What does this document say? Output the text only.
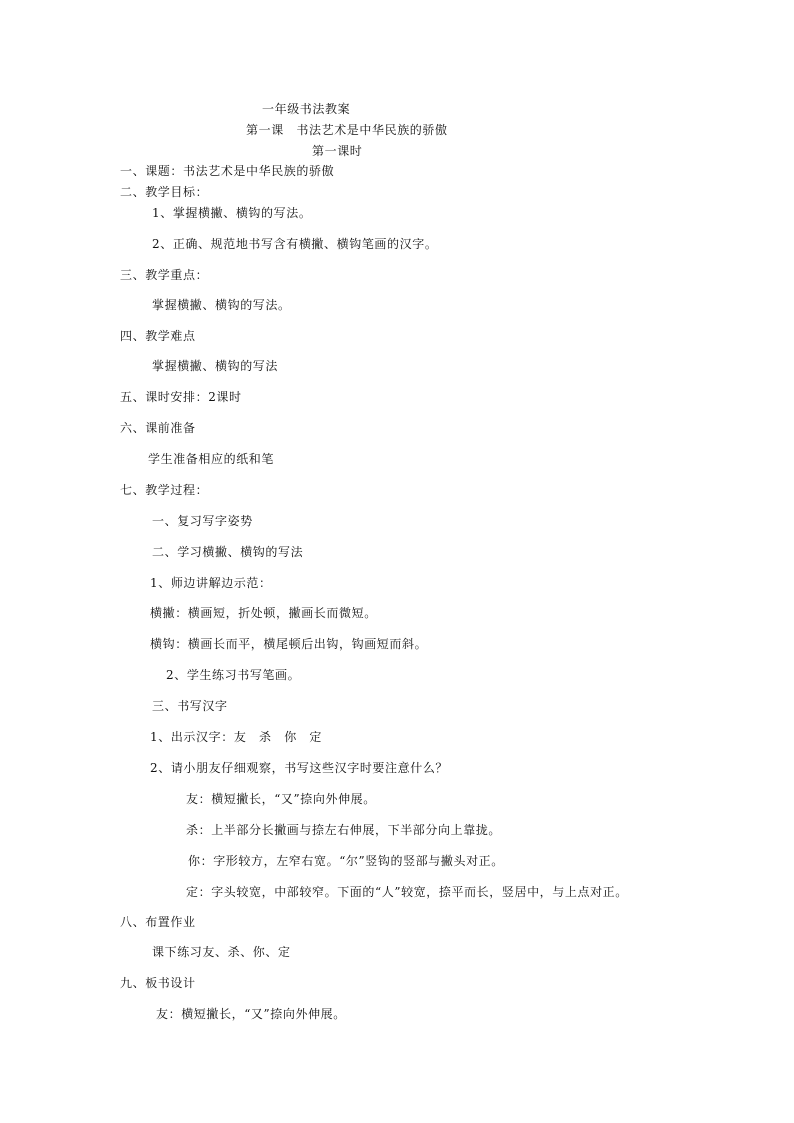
一年级书法教案
第一课　书法艺术是中华民族的骄傲
第一课时
一、课题：书法艺术是中华民族的骄傲
二、教学目标：
1、掌握横撇、横钩的写法。
2、正确、规范地书写含有横撇、横钩笔画的汉字。
三、教学重点：
掌握横撇、横钩的写法。
四、教学难点
掌握横撇、横钩的写法
五、课时安排：2课时
六、课前准备
学生准备相应的纸和笔
七、教学过程：
一、复习写字姿势
二、学习横撇、横钩的写法
1、师边讲解边示范：
横撇：横画短，折处顿，撇画长而微短。
横钩：横画长而平，横尾顿后出钩，钩画短而斜。
2、学生练习书写笔画。
三、书写汉字
1、出示汉字：友　杀　你　定
2、请小朋友仔细观察，书写这些汉字时要注意什么？
友：横短撇长，“又”捺向外伸展。
杀：上半部分长撇画与捺左右伸展，下半部分向上靠拢。
你：字形较方，左窄右宽。“尔”竖钩的竖部与撇头对正。
定：字头较宽，中部较窄。下面的“人”较宽，捺平而长，竖居中，与上点对正。
八、布置作业
课下练习友、杀、你、定
九、板书设计
友：横短撇长，“又”捺向外伸展。
